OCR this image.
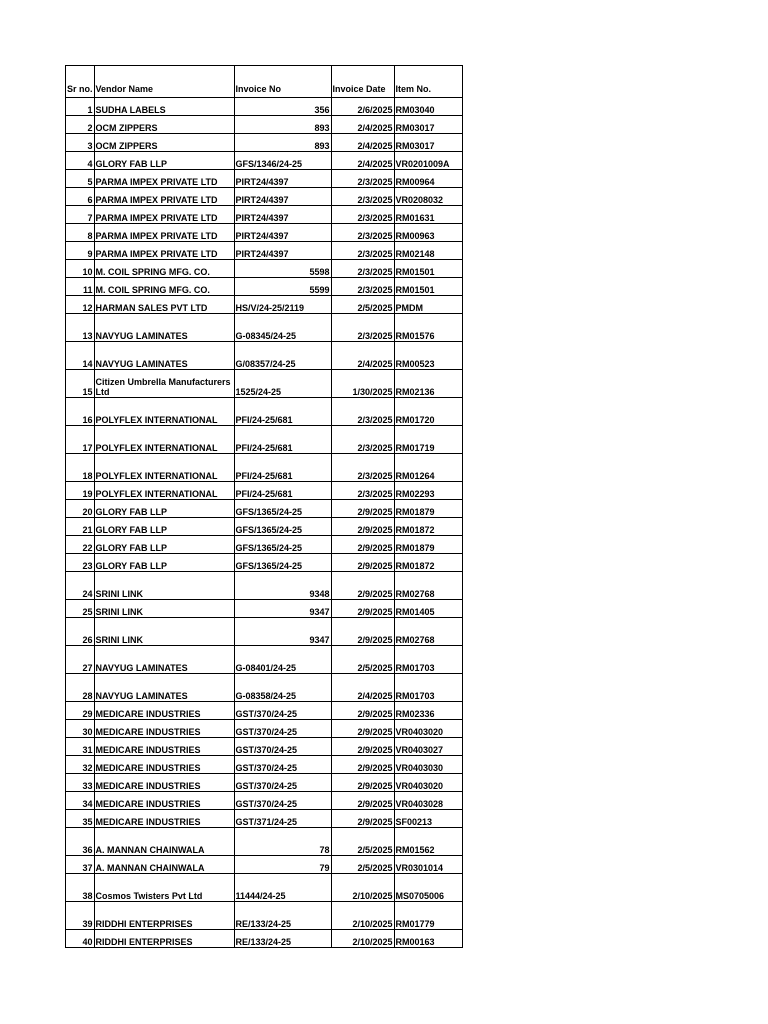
Sr no.	Vendor Name	Invoice No	Invoice Date	Item No.
1	SUDHA LABELS	356	2/6/2025	RM03040
2	OCM ZIPPERS	893	2/4/2025	RM03017
3	OCM ZIPPERS	893	2/4/2025	RM03017
4	GLORY FAB LLP	GFS/1346/24-25	2/4/2025	VR0201009A
5	PARMA IMPEX PRIVATE LTD	PIRT24/4397	2/3/2025	RM00964
6	PARMA IMPEX PRIVATE LTD	PIRT24/4397	2/3/2025	VR0208032
7	PARMA IMPEX PRIVATE LTD	PIRT24/4397	2/3/2025	RM01631
8	PARMA IMPEX PRIVATE LTD	PIRT24/4397	2/3/2025	RM00963
9	PARMA IMPEX PRIVATE LTD	PIRT24/4397	2/3/2025	RM02148
10	M. COIL SPRING MFG. CO.	5598	2/3/2025	RM01501
11	M. COIL SPRING MFG. CO.	5599	2/3/2025	RM01501
12	HARMAN SALES PVT LTD	HS/V/24-25/2119	2/5/2025	PMDM
13	NAVYUG LAMINATES	G-08345/24-25	2/3/2025	RM01576
14	NAVYUG LAMINATES	G/08357/24-25	2/4/2025	RM00523
15	Citizen Umbrella Manufacturers Ltd	1525/24-25	1/30/2025	RM02136
16	POLYFLEX INTERNATIONAL	PFI/24-25/681	2/3/2025	RM01720
17	POLYFLEX INTERNATIONAL	PFI/24-25/681	2/3/2025	RM01719
18	POLYFLEX INTERNATIONAL	PFI/24-25/681	2/3/2025	RM01264
19	POLYFLEX INTERNATIONAL	PFI/24-25/681	2/3/2025	RM02293
20	GLORY FAB LLP	GFS/1365/24-25	2/9/2025	RM01879
21	GLORY FAB LLP	GFS/1365/24-25	2/9/2025	RM01872
22	GLORY FAB LLP	GFS/1365/24-25	2/9/2025	RM01879
23	GLORY FAB LLP	GFS/1365/24-25	2/9/2025	RM01872
24	SRINI LINK	9348	2/9/2025	RM02768
25	SRINI LINK	9347	2/9/2025	RM01405
26	SRINI LINK	9347	2/9/2025	RM02768
27	NAVYUG LAMINATES	G-08401/24-25	2/5/2025	RM01703
28	NAVYUG LAMINATES	G-08358/24-25	2/4/2025	RM01703
29	MEDICARE INDUSTRIES	GST/370/24-25	2/9/2025	RM02336
30	MEDICARE INDUSTRIES	GST/370/24-25	2/9/2025	VR0403020
31	MEDICARE INDUSTRIES	GST/370/24-25	2/9/2025	VR0403027
32	MEDICARE INDUSTRIES	GST/370/24-25	2/9/2025	VR0403030
33	MEDICARE INDUSTRIES	GST/370/24-25	2/9/2025	VR0403020
34	MEDICARE INDUSTRIES	GST/370/24-25	2/9/2025	VR0403028
35	MEDICARE INDUSTRIES	GST/371/24-25	2/9/2025	SF00213
36	A. MANNAN CHAINWALA	78	2/5/2025	RM01562
37	A. MANNAN CHAINWALA	79	2/5/2025	VR0301014
38	Cosmos Twisters Pvt Ltd	11444/24-25	2/10/2025	MS0705006
39	RIDDHI ENTERPRISES	RE/133/24-25	2/10/2025	RM01779
40	RIDDHI ENTERPRISES	RE/133/24-25	2/10/2025	RM00163
